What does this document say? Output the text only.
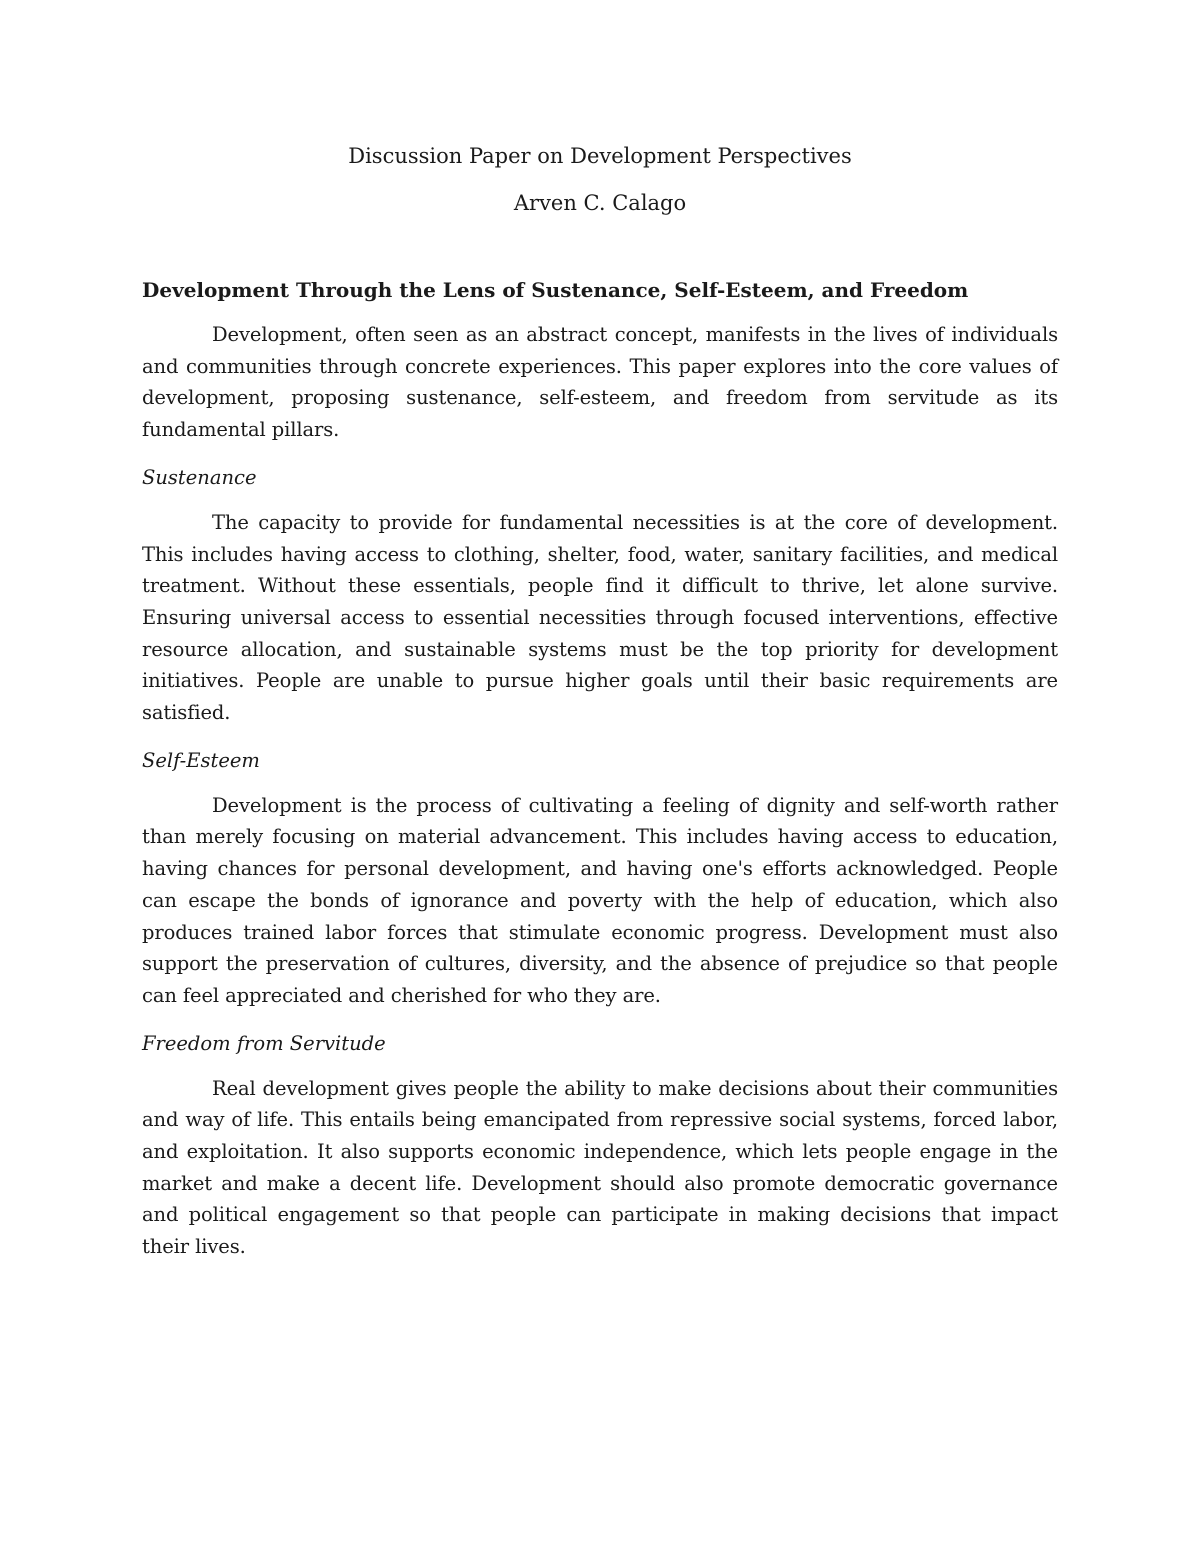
Discussion Paper on Development Perspectives

Arven C. Calago

Development Through the Lens of Sustenance, Self-Esteem, and Freedom

Development, often seen as an abstract concept, manifests in the lives of individuals and communities through concrete experiences. This paper explores into the core values of development, proposing sustenance, self-esteem, and freedom from servitude as its fundamental pillars.

Sustenance

The capacity to provide for fundamental necessities is at the core of development. This includes having access to clothing, shelter, food, water, sanitary facilities, and medical treatment. Without these essentials, people find it difficult to thrive, let alone survive. Ensuring universal access to essential necessities through focused interventions, effective resource allocation, and sustainable systems must be the top priority for development initiatives. People are unable to pursue higher goals until their basic requirements are satisfied.

Self-Esteem

Development is the process of cultivating a feeling of dignity and self-worth rather than merely focusing on material advancement. This includes having access to education, having chances for personal development, and having one's efforts acknowledged. People can escape the bonds of ignorance and poverty with the help of education, which also produces trained labor forces that stimulate economic progress. Development must also support the preservation of cultures, diversity, and the absence of prejudice so that people can feel appreciated and cherished for who they are.

Freedom from Servitude

Real development gives people the ability to make decisions about their communities and way of life. This entails being emancipated from repressive social systems, forced labor, and exploitation. It also supports economic independence, which lets people engage in the market and make a decent life. Development should also promote democratic governance and political engagement so that people can participate in making decisions that impact their lives.
